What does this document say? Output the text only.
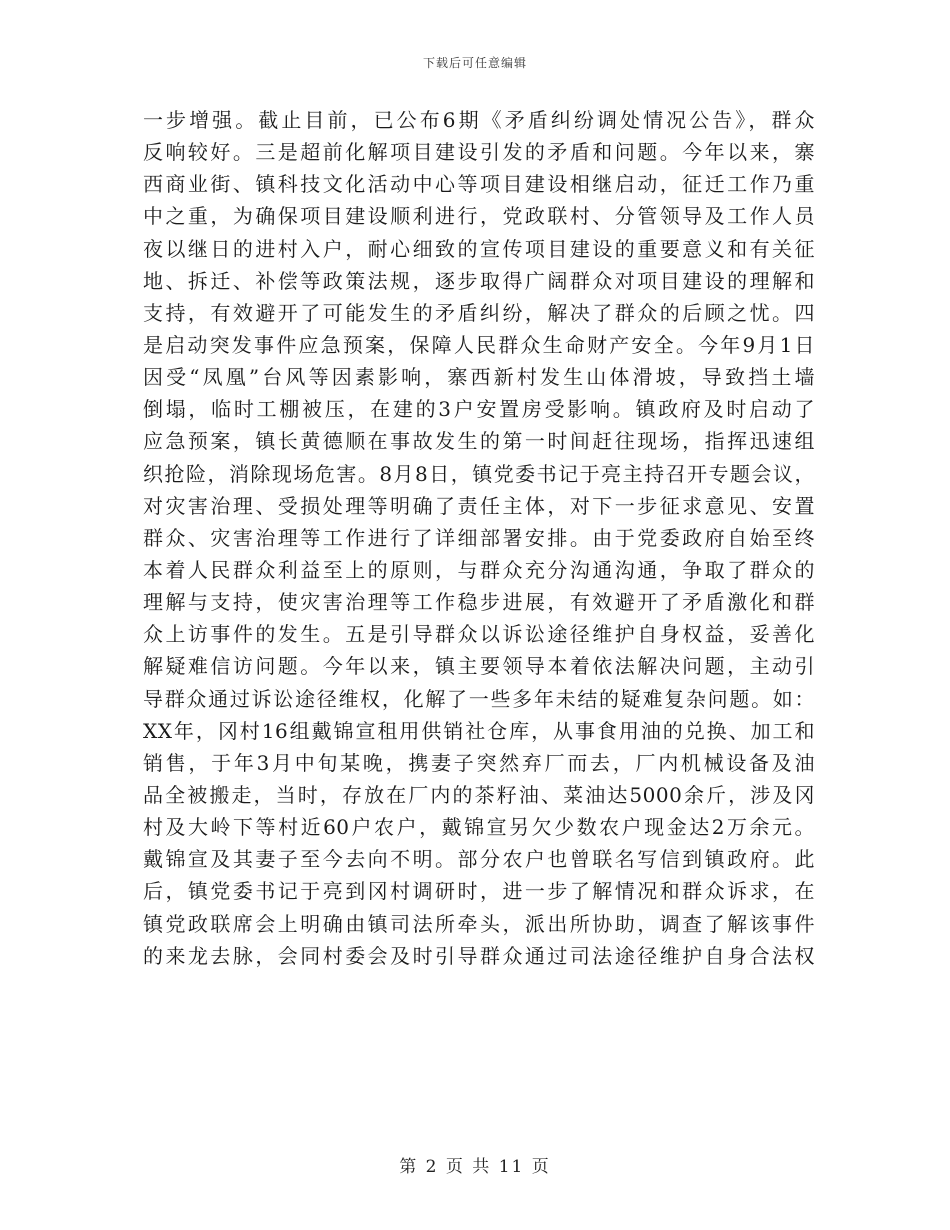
下载后可任意编辑
一步增强。截止目前，已公布6期《矛盾纠纷调处情况公告》，群众
反响较好。三是超前化解项目建设引发的矛盾和问题。今年以来，寨
西商业街、镇科技文化活动中心等项目建设相继启动，征迁工作乃重
中之重，为确保项目建设顺利进行，党政联村、分管领导及工作人员
夜以继日的进村入户，耐心细致的宣传项目建设的重要意义和有关征
地、拆迁、补偿等政策法规，逐步取得广阔群众对项目建设的理解和
支持，有效避开了可能发生的矛盾纠纷，解决了群众的后顾之忧。四
是启动突发事件应急预案，保障人民群众生命财产安全。今年9月1日
因受“凤凰”台风等因素影响，寨西新村发生山体滑坡，导致挡土墙
倒塌，临时工棚被压，在建的3户安置房受影响。镇政府及时启动了
应急预案，镇长黄德顺在事故发生的第一时间赶往现场，指挥迅速组
织抢险，消除现场危害。8月8日，镇党委书记于亮主持召开专题会议，
对灾害治理、受损处理等明确了责任主体，对下一步征求意见、安置
群众、灾害治理等工作进行了详细部署安排。由于党委政府自始至终
本着人民群众利益至上的原则，与群众充分沟通沟通，争取了群众的
理解与支持，使灾害治理等工作稳步进展，有效避开了矛盾激化和群
众上访事件的发生。五是引导群众以诉讼途径维护自身权益，妥善化
解疑难信访问题。今年以来，镇主要领导本着依法解决问题，主动引
导群众通过诉讼途径维权，化解了一些多年未结的疑难复杂问题。如：
XX年，冈村16组戴锦宣租用供销社仓库，从事食用油的兑换、加工和
销售，于年3月中旬某晚，携妻子突然弃厂而去，厂内机械设备及油
品全被搬走，当时，存放在厂内的茶籽油、菜油达5000余斤，涉及冈
村及大岭下等村近60户农户，戴锦宣另欠少数农户现金达2万余元。
戴锦宣及其妻子至今去向不明。部分农户也曾联名写信到镇政府。此
后，镇党委书记于亮到冈村调研时，进一步了解情况和群众诉求，在
镇党政联席会上明确由镇司法所牵头，派出所协助，调查了解该事件
的来龙去脉，会同村委会及时引导群众通过司法途径维护自身合法权
第 2 页 共 11 页
